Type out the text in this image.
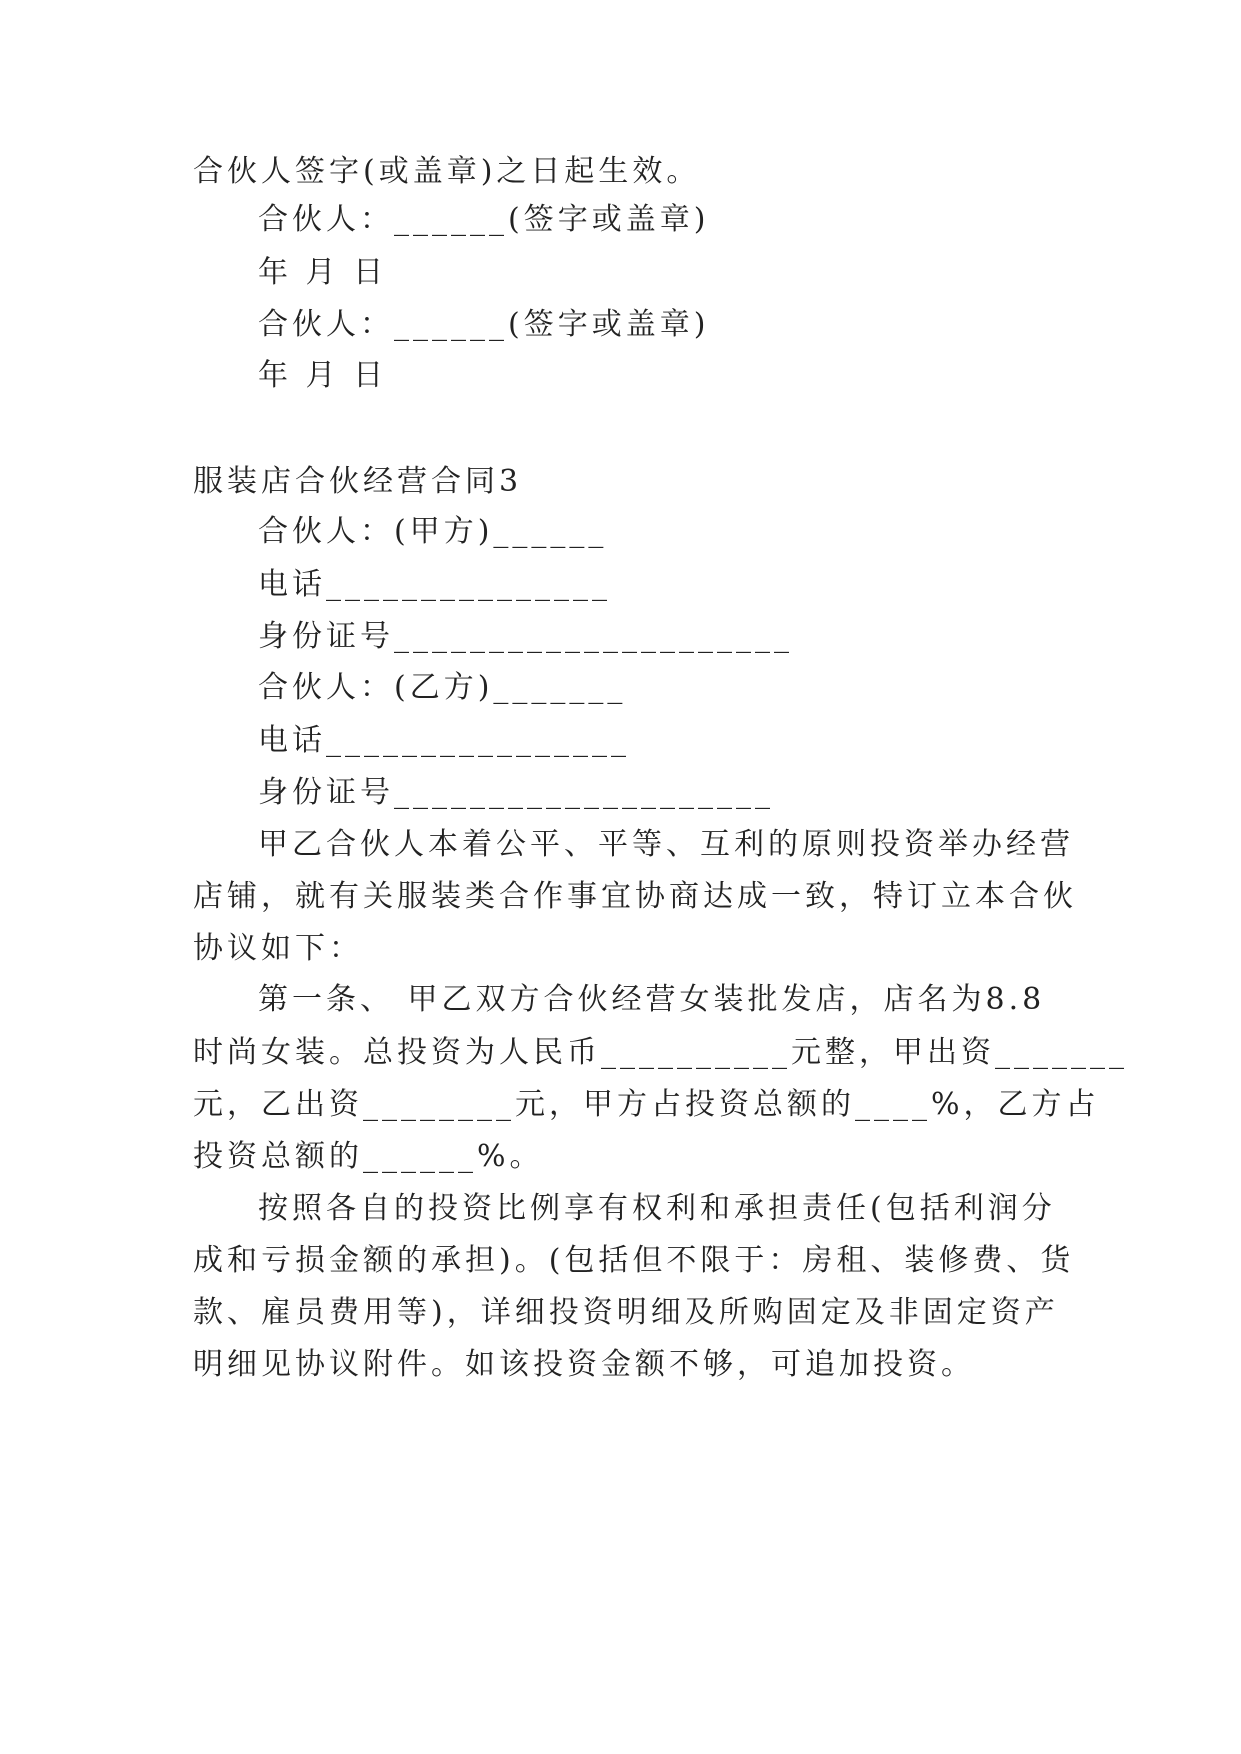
合伙人签字(或盖章)之日起生效。
合伙人：______(签字或盖章)
年 月 日
合伙人：______(签字或盖章)
年 月 日
服装店合伙经营合同3
合伙人：(甲方)______
电话_______________
身份证号_____________________
合伙人：(乙方)_______
电话________________
身份证号____________________
甲乙合伙人本着公平、平等、互利的原则投资举办经营
店铺，就有关服装类合作事宜协商达成一致，特订立本合伙
协议如下：
第一条、 甲乙双方合伙经营女装批发店，店名为8.8
时尚女装。总投资为人民币__________元整，甲出资_______
元，乙出资________元，甲方占投资总额的____%，乙方占
投资总额的______%。
按照各自的投资比例享有权利和承担责任(包括利润分
成和亏损金额的承担)。(包括但不限于：房租、装修费、货
款、雇员费用等)，详细投资明细及所购固定及非固定资产
明细见协议附件。如该投资金额不够，可追加投资。
